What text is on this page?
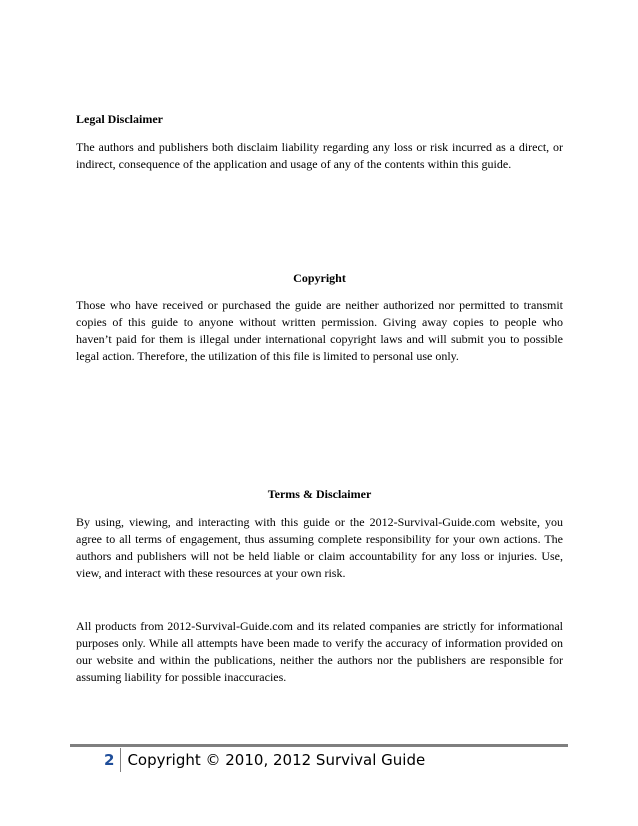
Legal Disclaimer

The authors and publishers both disclaim liability regarding any loss or risk incurred as a direct, or indirect, consequence of the application and usage of any of the contents within this guide.

Copyright

Those who have received or purchased the guide are neither authorized nor permitted to transmit copies of this guide to anyone without written permission. Giving away copies to people who haven’t paid for them is illegal under international copyright laws and will submit you to possible legal action. Therefore, the utilization of this file is limited to personal use only.

Terms & Disclaimer

By using, viewing, and interacting with this guide or the 2012-Survival-Guide.com website, you agree to all terms of engagement, thus assuming complete responsibility for your own actions. The authors and publishers will not be held liable or claim accountability for any loss or injuries. Use, view, and interact with these resources at your own risk.

All products from 2012-Survival-Guide.com and its related companies are strictly for informational purposes only. While all attempts have been made to verify the accuracy of information provided on our website and within the publications, neither the authors nor the publishers are responsible for assuming liability for possible inaccuracies.

2 Copyright © 2010, 2012 Survival Guide
